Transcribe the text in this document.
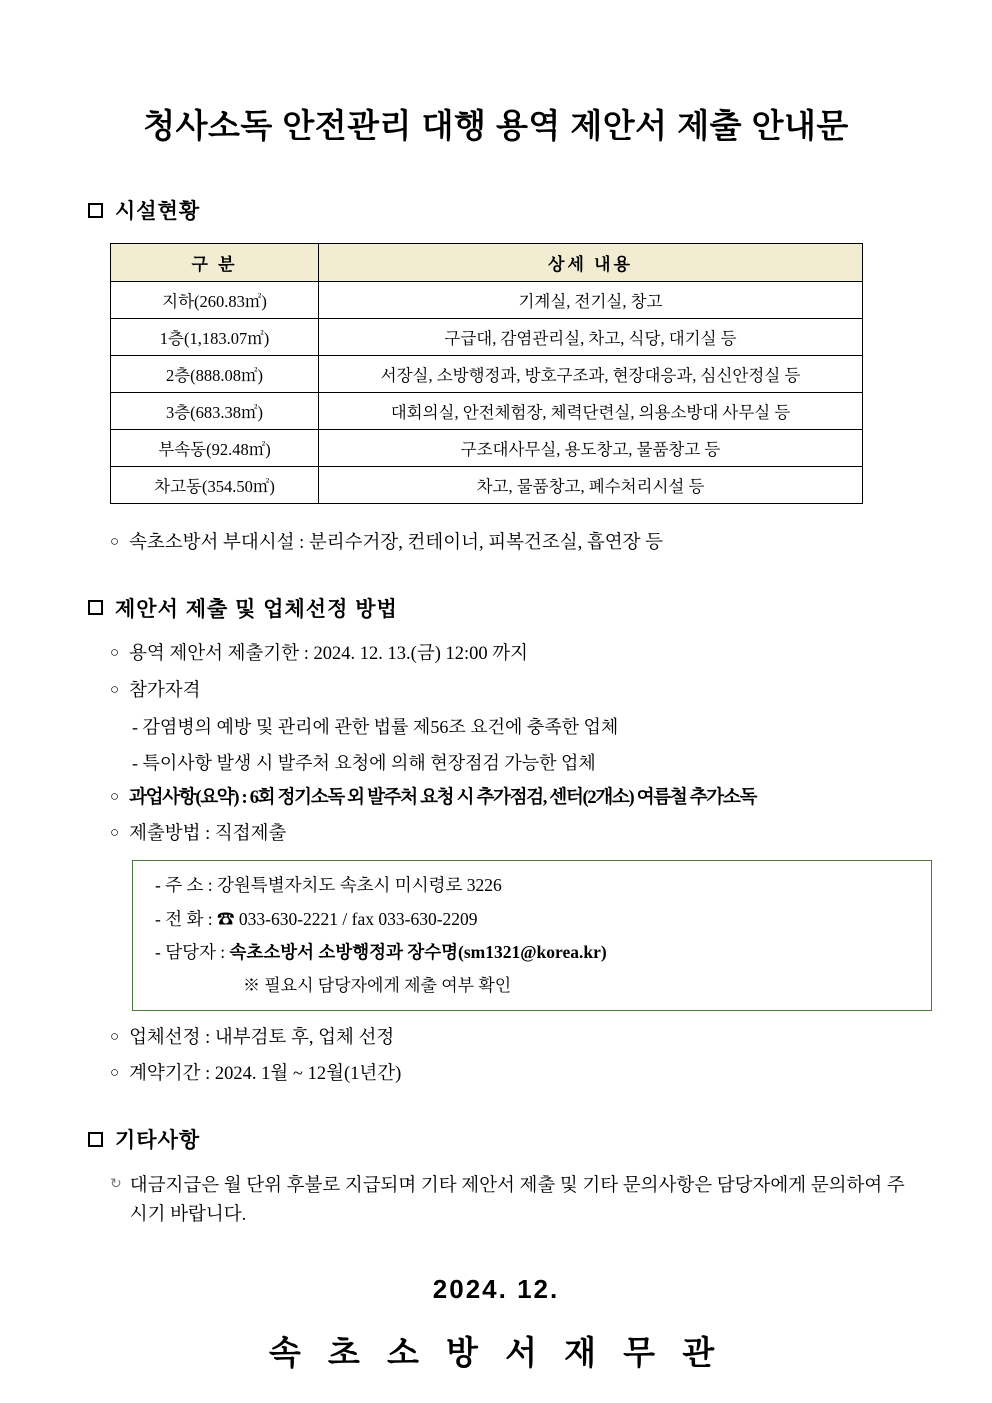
청사소독 안전관리 대행 용역 제안서 제출 안내문
시설현황
구 분	상세 내용
지하(260.83㎡)	기계실, 전기실, 창고
1층(1,183.07㎡)	구급대, 감염관리실, 차고, 식당, 대기실 등
2층(888.08㎡)	서장실, 소방행정과, 방호구조과, 현장대응과, 심신안정실 등
3층(683.38㎡)	대회의실, 안전체험장, 체력단련실, 의용소방대 사무실 등
부속동(92.48㎡)	구조대사무실, 용도창고, 물품창고 등
차고동(354.50㎡)	차고, 물품창고, 폐수처리시설 등
○ 속초소방서 부대시설 : 분리수거장, 컨테이너, 피복건조실, 흡연장 등
제안서 제출 및 업체선정 방법
○ 용역 제안서 제출기한 : 2024. 12. 13.(금) 12:00 까지
○ 참가자격
- 감염병의 예방 및 관리에 관한 법률 제56조 요건에 충족한 업체
- 특이사항 발생 시 발주처 요청에 의해 현장점검 가능한 업체
○ 과업사항(요약) : 6회 정기소독 외 발주처 요청 시 추가점검, 센터(2개소) 여름철 추가소독
○ 제출방법 : 직접제출
- 주 소 : 강원특별자치도 속초시 미시령로 3226
- 전 화 : ☎ 033-630-2221 / fax 033-630-2209
- 담당자 : 속초소방서 소방행정과 장수명(sm1321@korea.kr)
※ 필요시 담당자에게 제출 여부 확인
○ 업체선정 : 내부검토 후, 업체 선정
○ 계약기간 : 2024. 1월 ~ 12월(1년간)
기타사항
↻ 대금지급은 월 단위 후불로 지급되며 기타 제안서 제출 및 기타 문의사항은 담당자에게 문의하여 주시기 바랍니다.
2024. 12.
속 초 소 방 서 재 무 관
